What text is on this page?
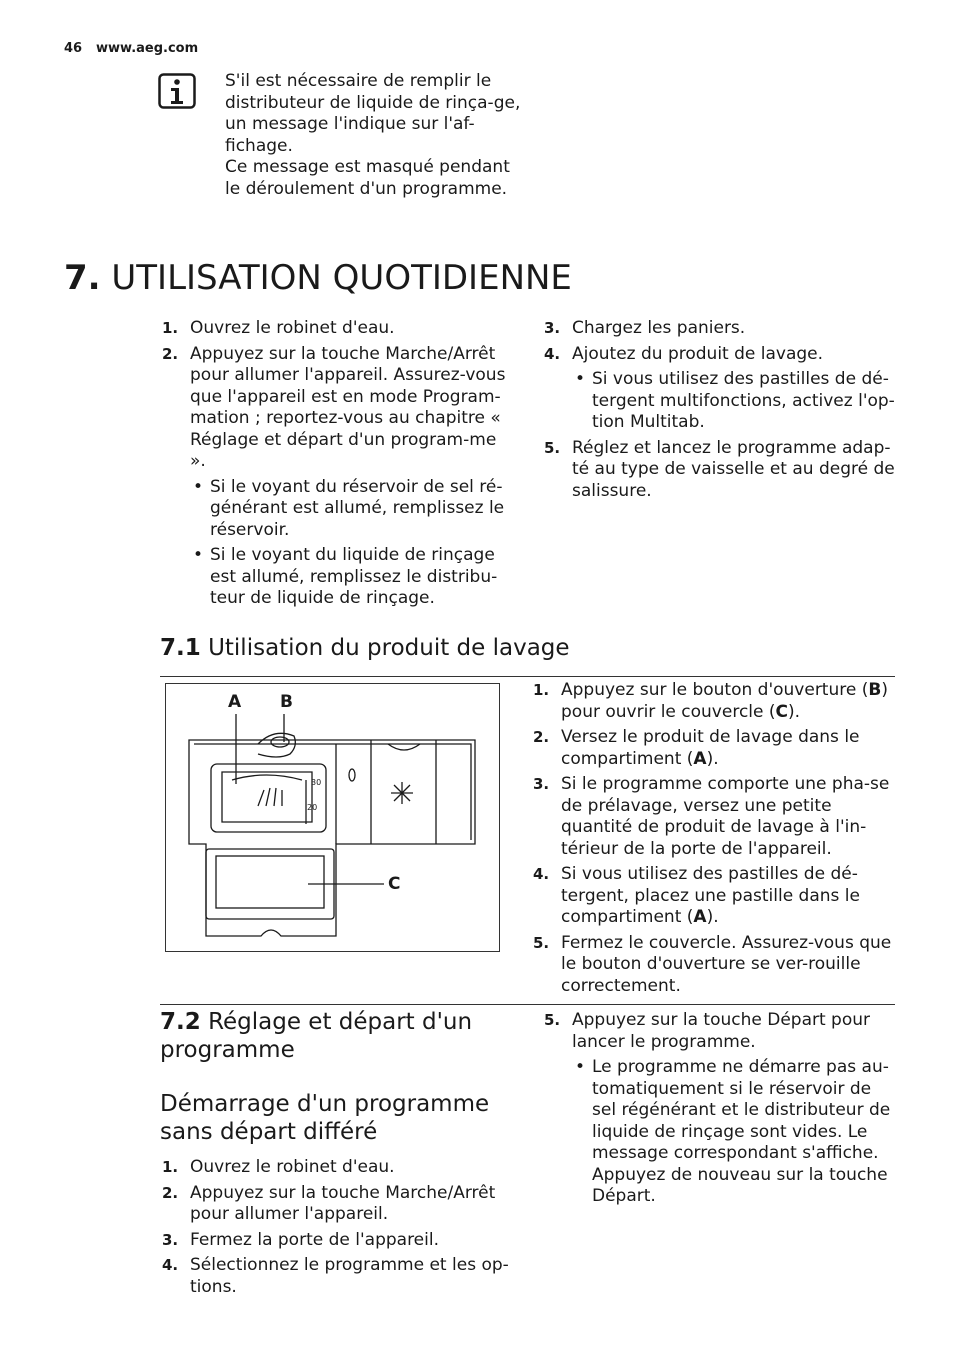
46 www.aeg.com

S'il est nécessaire de remplir le distributeur de liquide de rinça-ge, un message l'indique sur l'af-fichage.

Ce message est masqué pendant le déroulement d'un programme.

7. UTILISATION QUOTIDIENNE
1. Ouvrez le robinet d'eau.
2. Appuyez sur la touche Marche/Arrêt pour allumer l'appareil. Assurez-vous que l'appareil est en mode Program-mation ; reportez-vous au chapitre « Réglage et départ d'un program-me ».
• Si le voyant du réservoir de sel ré-générant est allumé, remplissez le réservoir.
• Si le voyant du liquide de rinçage est allumé, remplissez le distribu-teur de liquide de rinçage.
3. Chargez les paniers.
4. Ajoutez du produit de lavage.
• Si vous utilisez des pastilles de dé-tergent multifonctions, activez l'op-tion Multitab.
5. Réglez et lancez le programme adap-té au type de vaisselle et au degré de salissure.
7.1 Utilisation du produit de lavage
A B
C
30
20
1. Appuyez sur le bouton d'ouverture (B) pour ouvrir le couvercle (C).
2. Versez le produit de lavage dans le compartiment (A).
3. Si le programme comporte une pha-se de prélavage, versez une petite quantité de produit de lavage à l'in-térieur de la porte de l'appareil.
4. Si vous utilisez des pastilles de dé-tergent, placez une pastille dans le compartiment (A).
5. Fermez le couvercle. Assurez-vous que le bouton d'ouverture se ver-rouille correctement.
7.2 Réglage et départ d'un programme
Démarrage d'un programme sans départ différé
1. Ouvrez le robinet d'eau.
2. Appuyez sur la touche Marche/Arrêt pour allumer l'appareil.
3. Fermez la porte de l'appareil.
4. Sélectionnez le programme et les op-tions.
5. Appuyez sur la touche Départ pour lancer le programme.
• Le programme ne démarre pas au-tomatiquement si le réservoir de sel régénérant et le distributeur de liquide de rinçage sont vides. Le message correspondant s'affiche. Appuyez de nouveau sur la touche Départ.
